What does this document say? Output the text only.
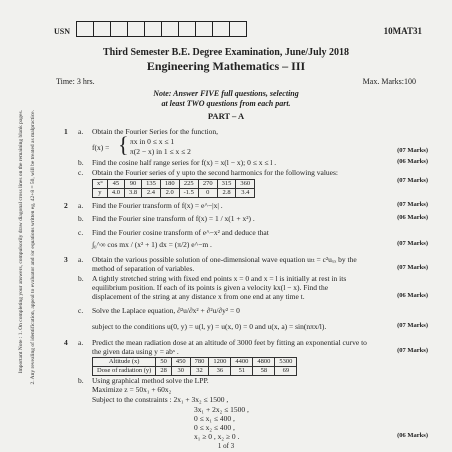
Important Note : 1. On completing your answers, compulsorily draw diagonal cross lines on the remaining blank pages. 2. Any revealing of identification, appeal to evaluator and /or equations written eg, 42+8 = 50, will be treated as malpractice.
USN	10MAT31
Third Semester B.E. Degree Examination, June/July 2018
Engineering Mathematics – III
Time: 3 hrs.	Max. Marks:100
Note: Answer FIVE full questions, selecting
at least TWO questions from each part.
PART – A
1 a. Obtain the Fourier Series for the function,
f(x) = { πx in 0 ≤ x ≤ 1
π(2 − x) in 1 ≤ x ≤ 2	(07 Marks)
b. Find the cosine half range series for f(x) = x(l − x); 0 ≤ x ≤ l .	(06 Marks)
c. Obtain the Fourier series of y upto the second harmonics for the following values:
(07 Marks)
x°	45	90	135	180	225	270	315	360
y	4.0	3.8	2.4	2.0	-1.5	0	2.8	3.4
2 a. Find the Fourier transform of f(x) = e^−|x| .	(07 Marks)
b. Find the Fourier sine transform of f(x) = 1 / x(1 + x²) .	(06 Marks)
c. Find the Fourier cosine transform of e^−x² and deduce that
∫₀^∞ cos mx / (x² + 1) dx = (π/2) e^−m .	(07 Marks)
3 a. Obtain the various possible solution of one-dimensional wave equation uₜₜ = c²uₓₓ by the
method of separation of variables.	(07 Marks)
b. A tightly stretched string with fixed end points x = 0 and x = l is initially at rest in its
equilibrium position. If each of its points is given a velocity kx(l − x). Find the
displacement of the string at any distance x from one end at any time t.	(06 Marks)
c. Solve the Laplace equation, ∂²u/∂x² + ∂²u/∂y² = 0
subject to the conditions u(0, y) = u(l, y) = u(x, 0) = 0 and u(x, a) = sin(nπx/l).	(07 Marks)
4 a. Predict the mean radiation dose at an altitude of 3000 feet by fitting an exponential curve to
the given data using y = abˣ .	(07 Marks)
Altitude (x)	50	450	780	1200	4400	4800	5300
Dose of radiation (y)	28	30	32	36	51	58	69
b. Using graphical method solve the LPP.
Maximize z = 50x₁ + 60x₂
Subject to the constraints : 2x₁ + 3x₂ ≤ 1500 ,
3x₁ + 2x₂ ≤ 1500 ,
0 ≤ x₁ ≤ 400 ,
0 ≤ x₂ ≤ 400 ,
x₁ ≥ 0 , x₂ ≥ 0 .	(06 Marks)
1 of 3
